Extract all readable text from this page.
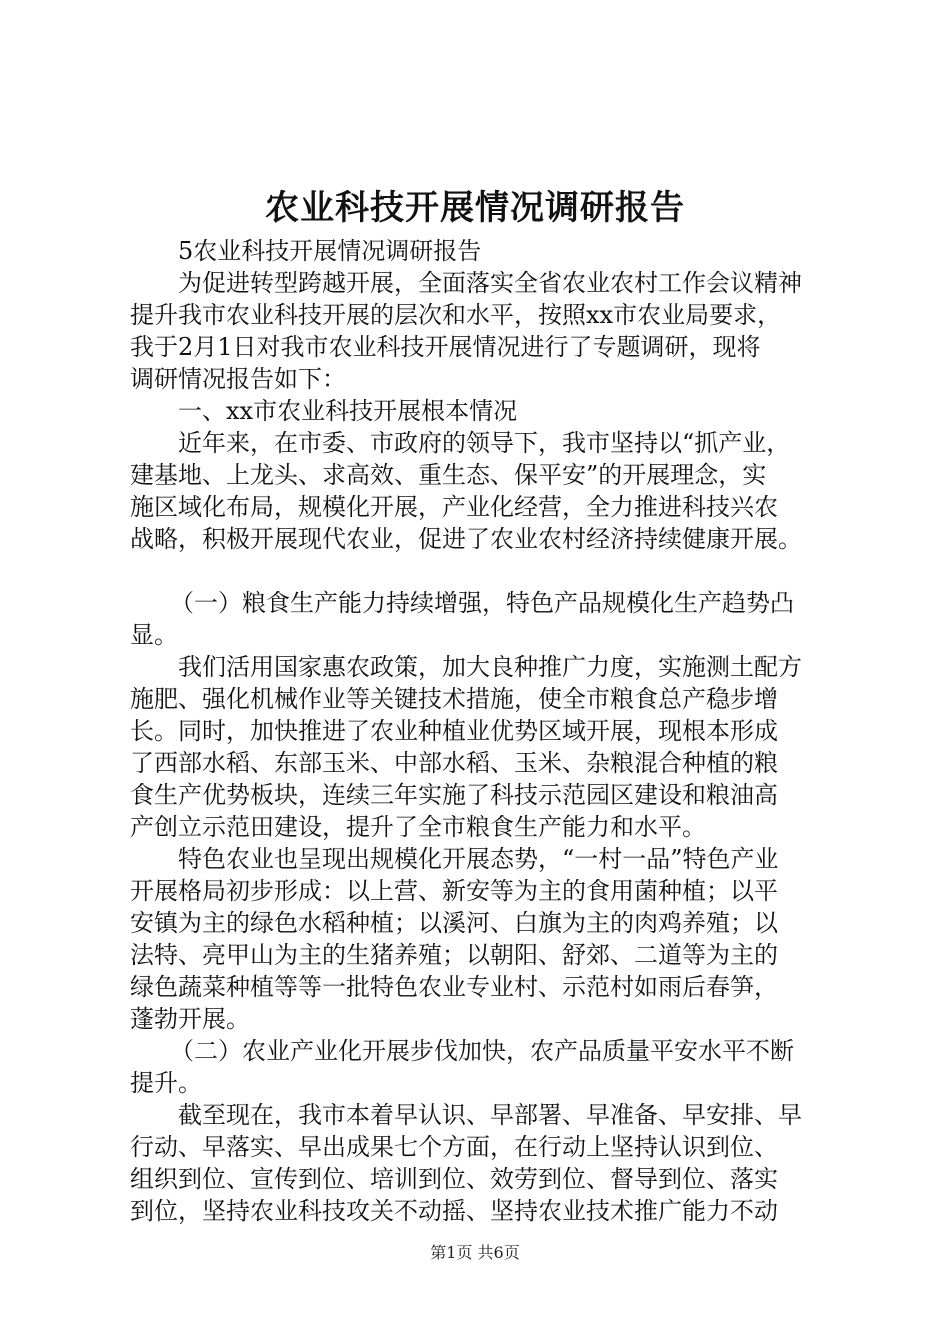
农业科技开展情况调研报告
5农业科技开展情况调研报告
为促进转型跨越开展，全面落实全省农业农村工作会议精神
提升我市农业科技开展的层次和水平，按照xx市农业局要求，
我于2月1日对我市农业科技开展情况进行了专题调研，现将
调研情况报告如下：
一、xx市农业科技开展根本情况
近年来，在市委、市政府的领导下，我市坚持以“抓产业，
建基地、上龙头、求高效、重生态、保平安”的开展理念，实
施区域化布局，规模化开展，产业化经营，全力推进科技兴农
战略，积极开展现代农业，促进了农业农村经济持续健康开展。
（一）粮食生产能力持续增强，特色产品规模化生产趋势凸
显。
我们活用国家惠农政策，加大良种推广力度，实施测土配方
施肥、强化机械作业等关键技术措施，使全市粮食总产稳步增
长。同时，加快推进了农业种植业优势区域开展，现根本形成
了西部水稻、东部玉米、中部水稻、玉米、杂粮混合种植的粮
食生产优势板块，连续三年实施了科技示范园区建设和粮油高
产创立示范田建设，提升了全市粮食生产能力和水平。
特色农业也呈现出规模化开展态势，“一村一品”特色产业
开展格局初步形成：以上营、新安等为主的食用菌种植；以平
安镇为主的绿色水稻种植；以溪河、白旗为主的肉鸡养殖；以
法特、亮甲山为主的生猪养殖；以朝阳、舒郊、二道等为主的
绿色蔬菜种植等等一批特色农业专业村、示范村如雨后春笋，
蓬勃开展。
（二）农业产业化开展步伐加快，农产品质量平安水平不断
提升。
截至现在，我市本着早认识、早部署、早准备、早安排、早
行动、早落实、早出成果七个方面，在行动上坚持认识到位、
组织到位、宣传到位、培训到位、效劳到位、督导到位、落实
到位，坚持农业科技攻关不动摇、坚持农业技术推广能力不动
第1页 共6页
